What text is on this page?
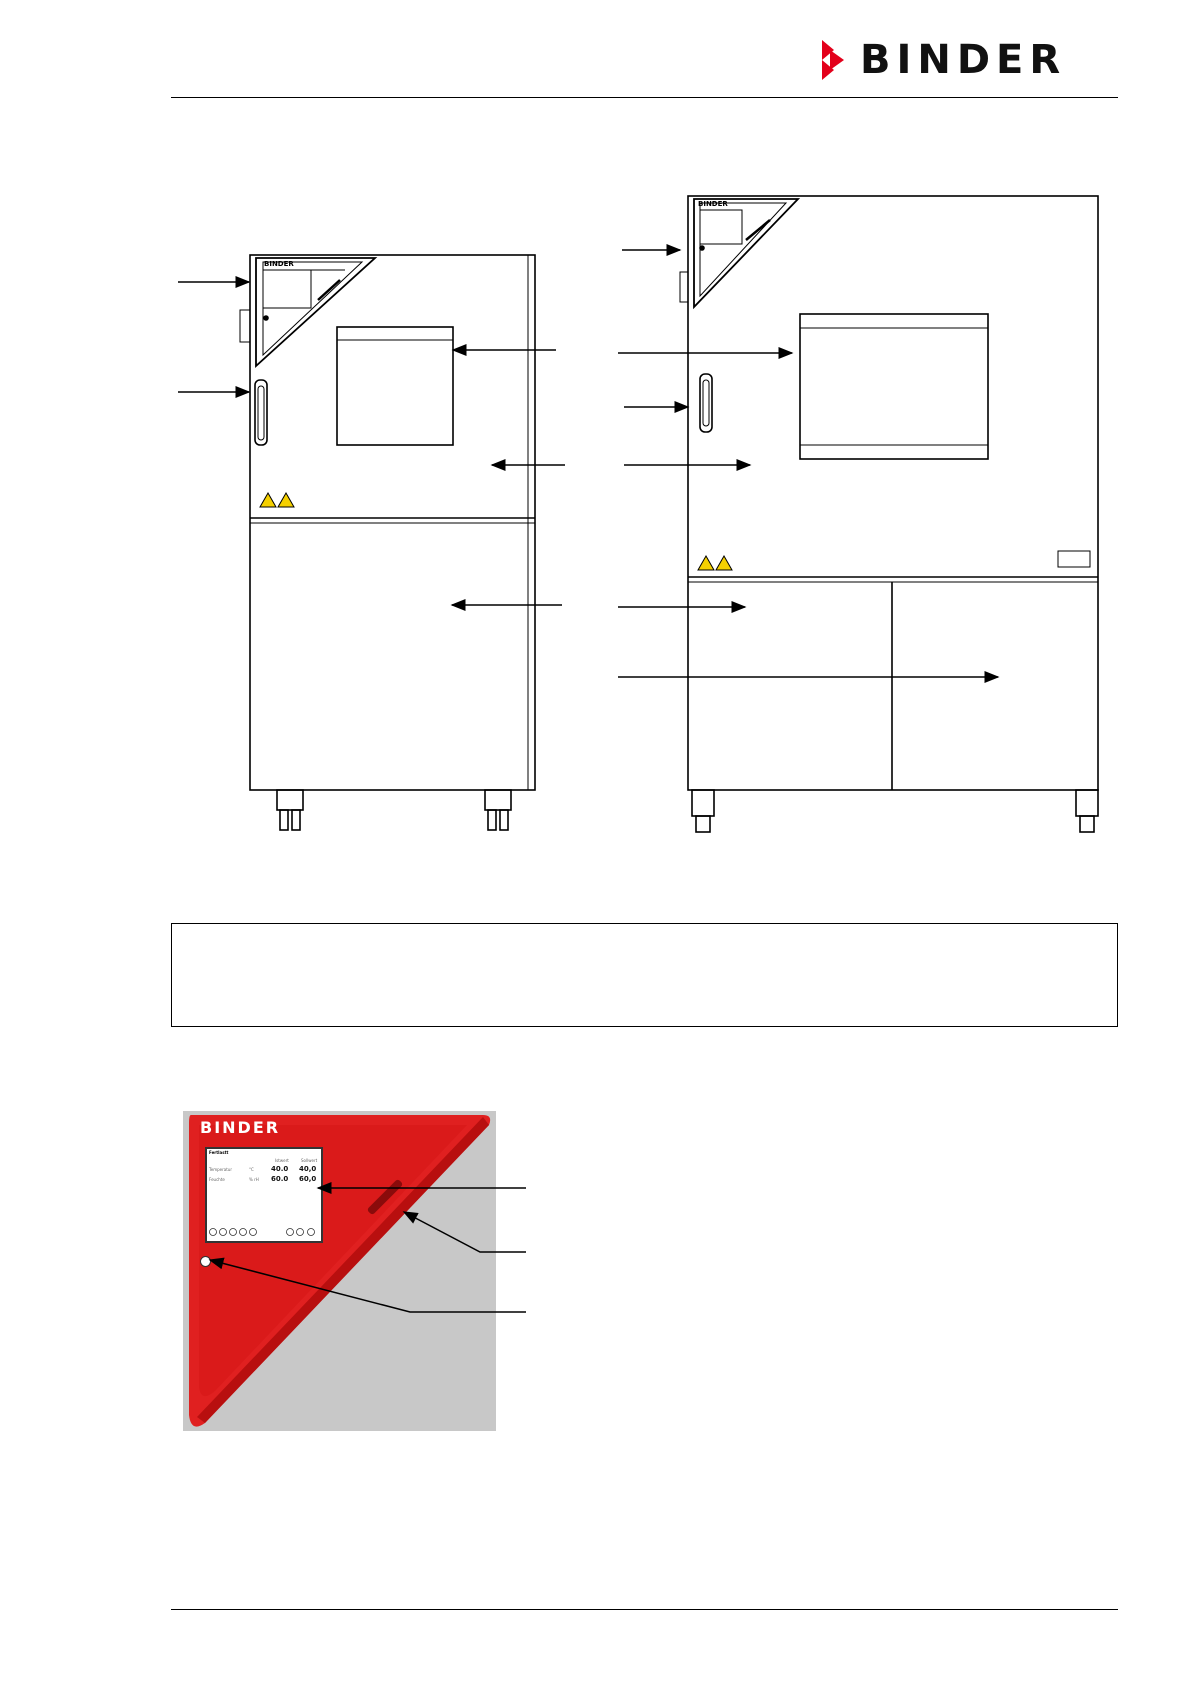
BINDER
BINDER
BINDER
BINDER
Fertlastt
Istwert	Sollwert
Temperatur	°C 40.0 40,0
Feuchte	% rH 60.0 60,0
